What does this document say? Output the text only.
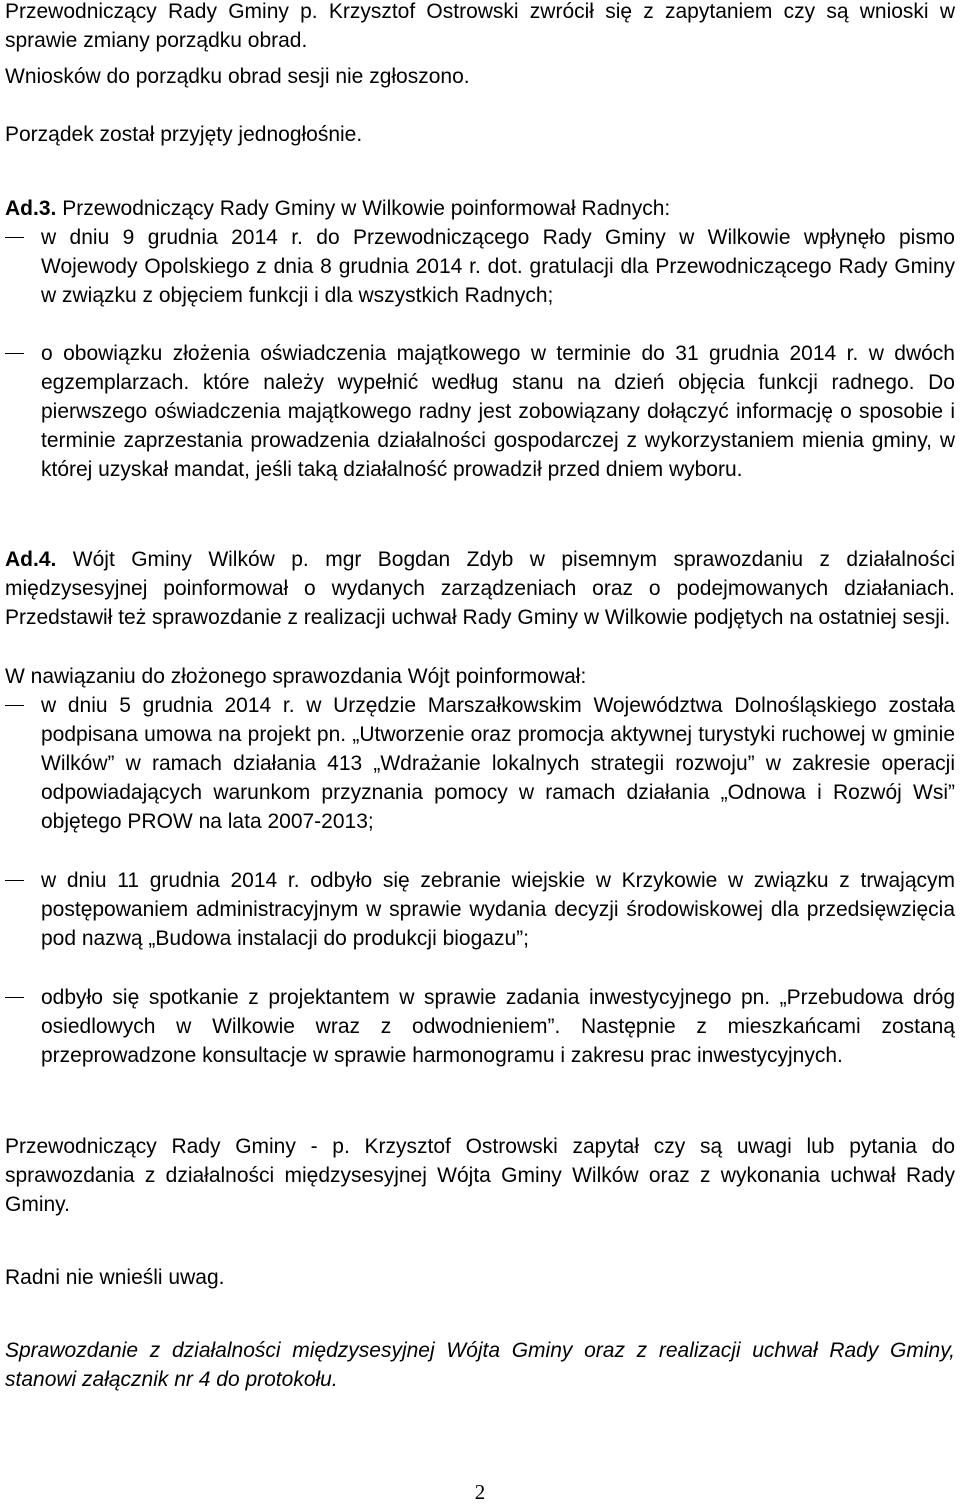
Przewodniczący Rady Gminy p. Krzysztof Ostrowski zwrócił się z zapytaniem czy są wnioski w sprawie zmiany porządku obrad.

Wniosków do porządku obrad sesji nie zgłoszono.

Porządek został przyjęty jednogłośnie.

Ad.3. Przewodniczący Rady Gminy w Wilkowie poinformował Radnych:

w dniu 9 grudnia 2014 r. do Przewodniczącego Rady Gminy w Wilkowie wpłynęło pismo Wojewody Opolskiego z dnia 8 grudnia 2014 r. dot. gratulacji dla Przewodniczącego Rady Gminy w związku z objęciem funkcji i dla wszystkich Radnych;
o obowiązku złożenia oświadczenia majątkowego w terminie do 31 grudnia 2014 r. w dwóch egzemplarzach. które należy wypełnić według stanu na dzień objęcia funkcji radnego. Do pierwszego oświadczenia majątkowego radny jest zobowiązany dołączyć informację o sposobie i terminie zaprzestania prowadzenia działalności gospodarczej z wykorzystaniem mienia gminy, w której uzyskał mandat, jeśli taką działalność prowadził przed dniem wyboru.

Ad.4. Wójt Gminy Wilków p. mgr Bogdan Zdyb w pisemnym sprawozdaniu z działalności międzysesyjnej poinformował o wydanych zarządzeniach oraz o podejmowanych działaniach. Przedstawił też sprawozdanie z realizacji uchwał Rady Gminy w Wilkowie podjętych na ostatniej sesji.

W nawiązaniu do złożonego sprawozdania Wójt poinformował:

w dniu 5 grudnia 2014 r. w Urzędzie Marszałkowskim Województwa Dolnośląskiego została podpisana umowa na projekt pn. „Utworzenie oraz promocja aktywnej turystyki ruchowej w gminie Wilków” w ramach działania 413 „Wdrażanie lokalnych strategii rozwoju” w zakresie operacji odpowiadających warunkom przyznania pomocy w ramach działania „Odnowa i Rozwój Wsi” objętego PROW na lata 2007-2013;
w dniu 11 grudnia 2014 r. odbyło się zebranie wiejskie w Krzykowie w związku z trwającym postępowaniem administracyjnym w sprawie wydania decyzji środowiskowej dla przedsięwzięcia pod nazwą „Budowa instalacji do produkcji biogazu”;
odbyło się spotkanie z projektantem w sprawie zadania inwestycyjnego pn. „Przebudowa dróg osiedlowych w Wilkowie wraz z odwodnieniem”. Następnie z mieszkańcami zostaną przeprowadzone konsultacje w sprawie harmonogramu i zakresu prac inwestycyjnych.

Przewodniczący Rady Gminy - p. Krzysztof Ostrowski zapytał czy są uwagi lub pytania do sprawozdania z działalności międzysesyjnej Wójta Gminy Wilków oraz z wykonania uchwał Rady Gminy.

Radni nie wnieśli uwag.

Sprawozdanie z działalności międzysesyjnej Wójta Gminy oraz z realizacji uchwał Rady Gminy, stanowi załącznik nr 4 do protokołu.

2
